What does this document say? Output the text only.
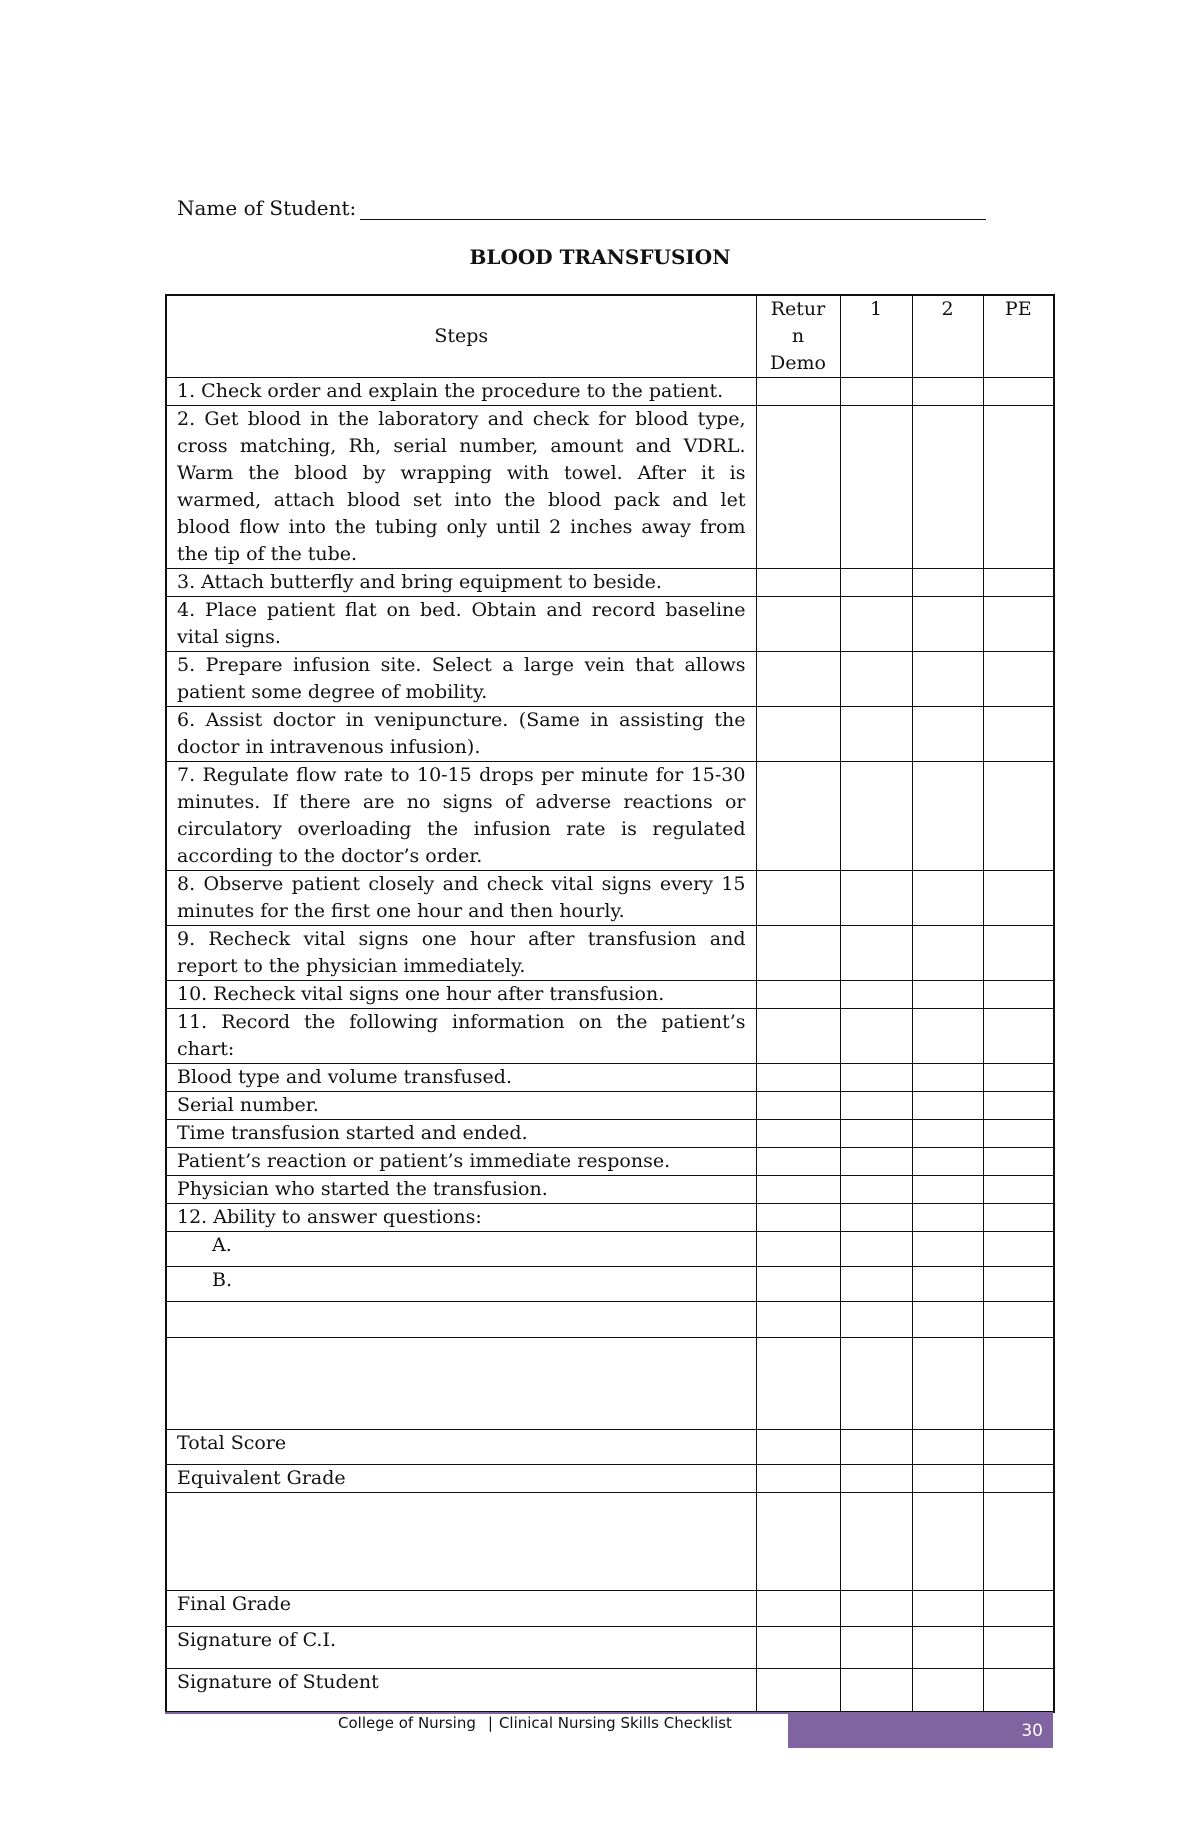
Name of Student:
BLOOD TRANSFUSION
Steps	Retur n Demo	1	2	PE
1. Check order and explain the procedure to the patient.				
2. Get blood in the laboratory and check for blood type, cross matching, Rh, serial number, amount and VDRL. Warm the blood by wrapping with towel. After it is warmed, attach blood set into the blood pack and let blood flow into the tubing only until 2 inches away from the tip of the tube.				
3. Attach butterfly and bring equipment to beside.				
4. Place patient flat on bed. Obtain and record baseline vital signs.				
5. Prepare infusion site. Select a large vein that allows patient some degree of mobility.				
6. Assist doctor in venipuncture. (Same in assisting the doctor in intravenous infusion).				
7. Regulate flow rate to 10-15 drops per minute for 15-30 minutes. If there are no signs of adverse reactions or circulatory overloading the infusion rate is regulated according to the doctor’s order.				
8. Observe patient closely and check vital signs every 15 minutes for the first one hour and then hourly.				
9. Recheck vital signs one hour after transfusion and report to the physician immediately.				
10. Recheck vital signs one hour after transfusion.				
11. Record the following information on the patient’s chart:				
Blood type and volume transfused.				
Serial number.				
Time transfusion started and ended.				
Patient’s reaction or patient’s immediate response.				
Physician who started the transfusion.				
12. Ability to answer questions:				
A.				
B.				

Total Score				
Equivalent Grade				

Final Grade				
Signature of C.I.				
Signature of Student				
College of Nursing | Clinical Nursing Skills Checklist	30
